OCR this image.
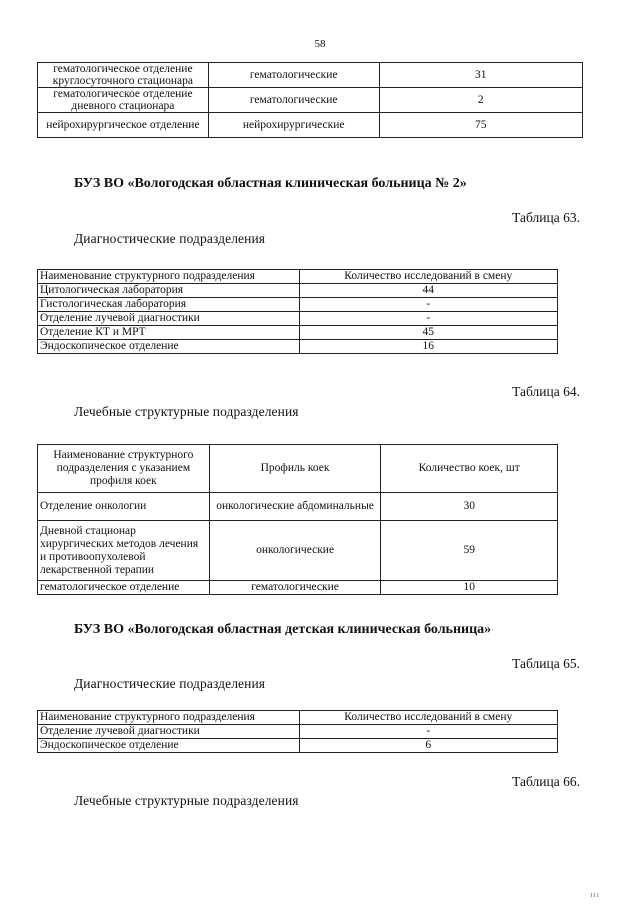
58
гематологическое отделение круглосуточного стационара	гематологические	31
гематологическое отделение дневного стационара	гематологические	2
нейрохирургическое отделение	нейрохирургические	75
БУЗ ВО «Вологодская областная клиническая больница № 2»
Таблица 63.
Диагностические подразделения
Наименование структурного подразделения	Количество исследований в смену
Цитологическая лаборатория	44
Гистологическая лаборатория	-
Отделение лучевой диагностики	-
Отделение КТ и МРТ	45
Эндоскопическое отделение	16
Таблица 64.
Лечебные структурные подразделения
Наименование структурного подразделения с указанием профиля коек	Профиль коек	Количество коек, шт
Отделение онкологии	онкологические абдоминальные	30
Дневной стационар хирургических методов лечения и противоопухолевой лекарственной терапии	онкологические	59
гематологическое отделение	гематологические	10
БУЗ ВО «Вологодская областная детская клиническая больница»
Таблица 65.
Диагностические подразделения
Наименование структурного подразделения	Количество исследований в смену
Отделение лучевой диагностики	-
Эндоскопическое отделение	6
Таблица 66.
Лечебные структурные подразделения
ııı
